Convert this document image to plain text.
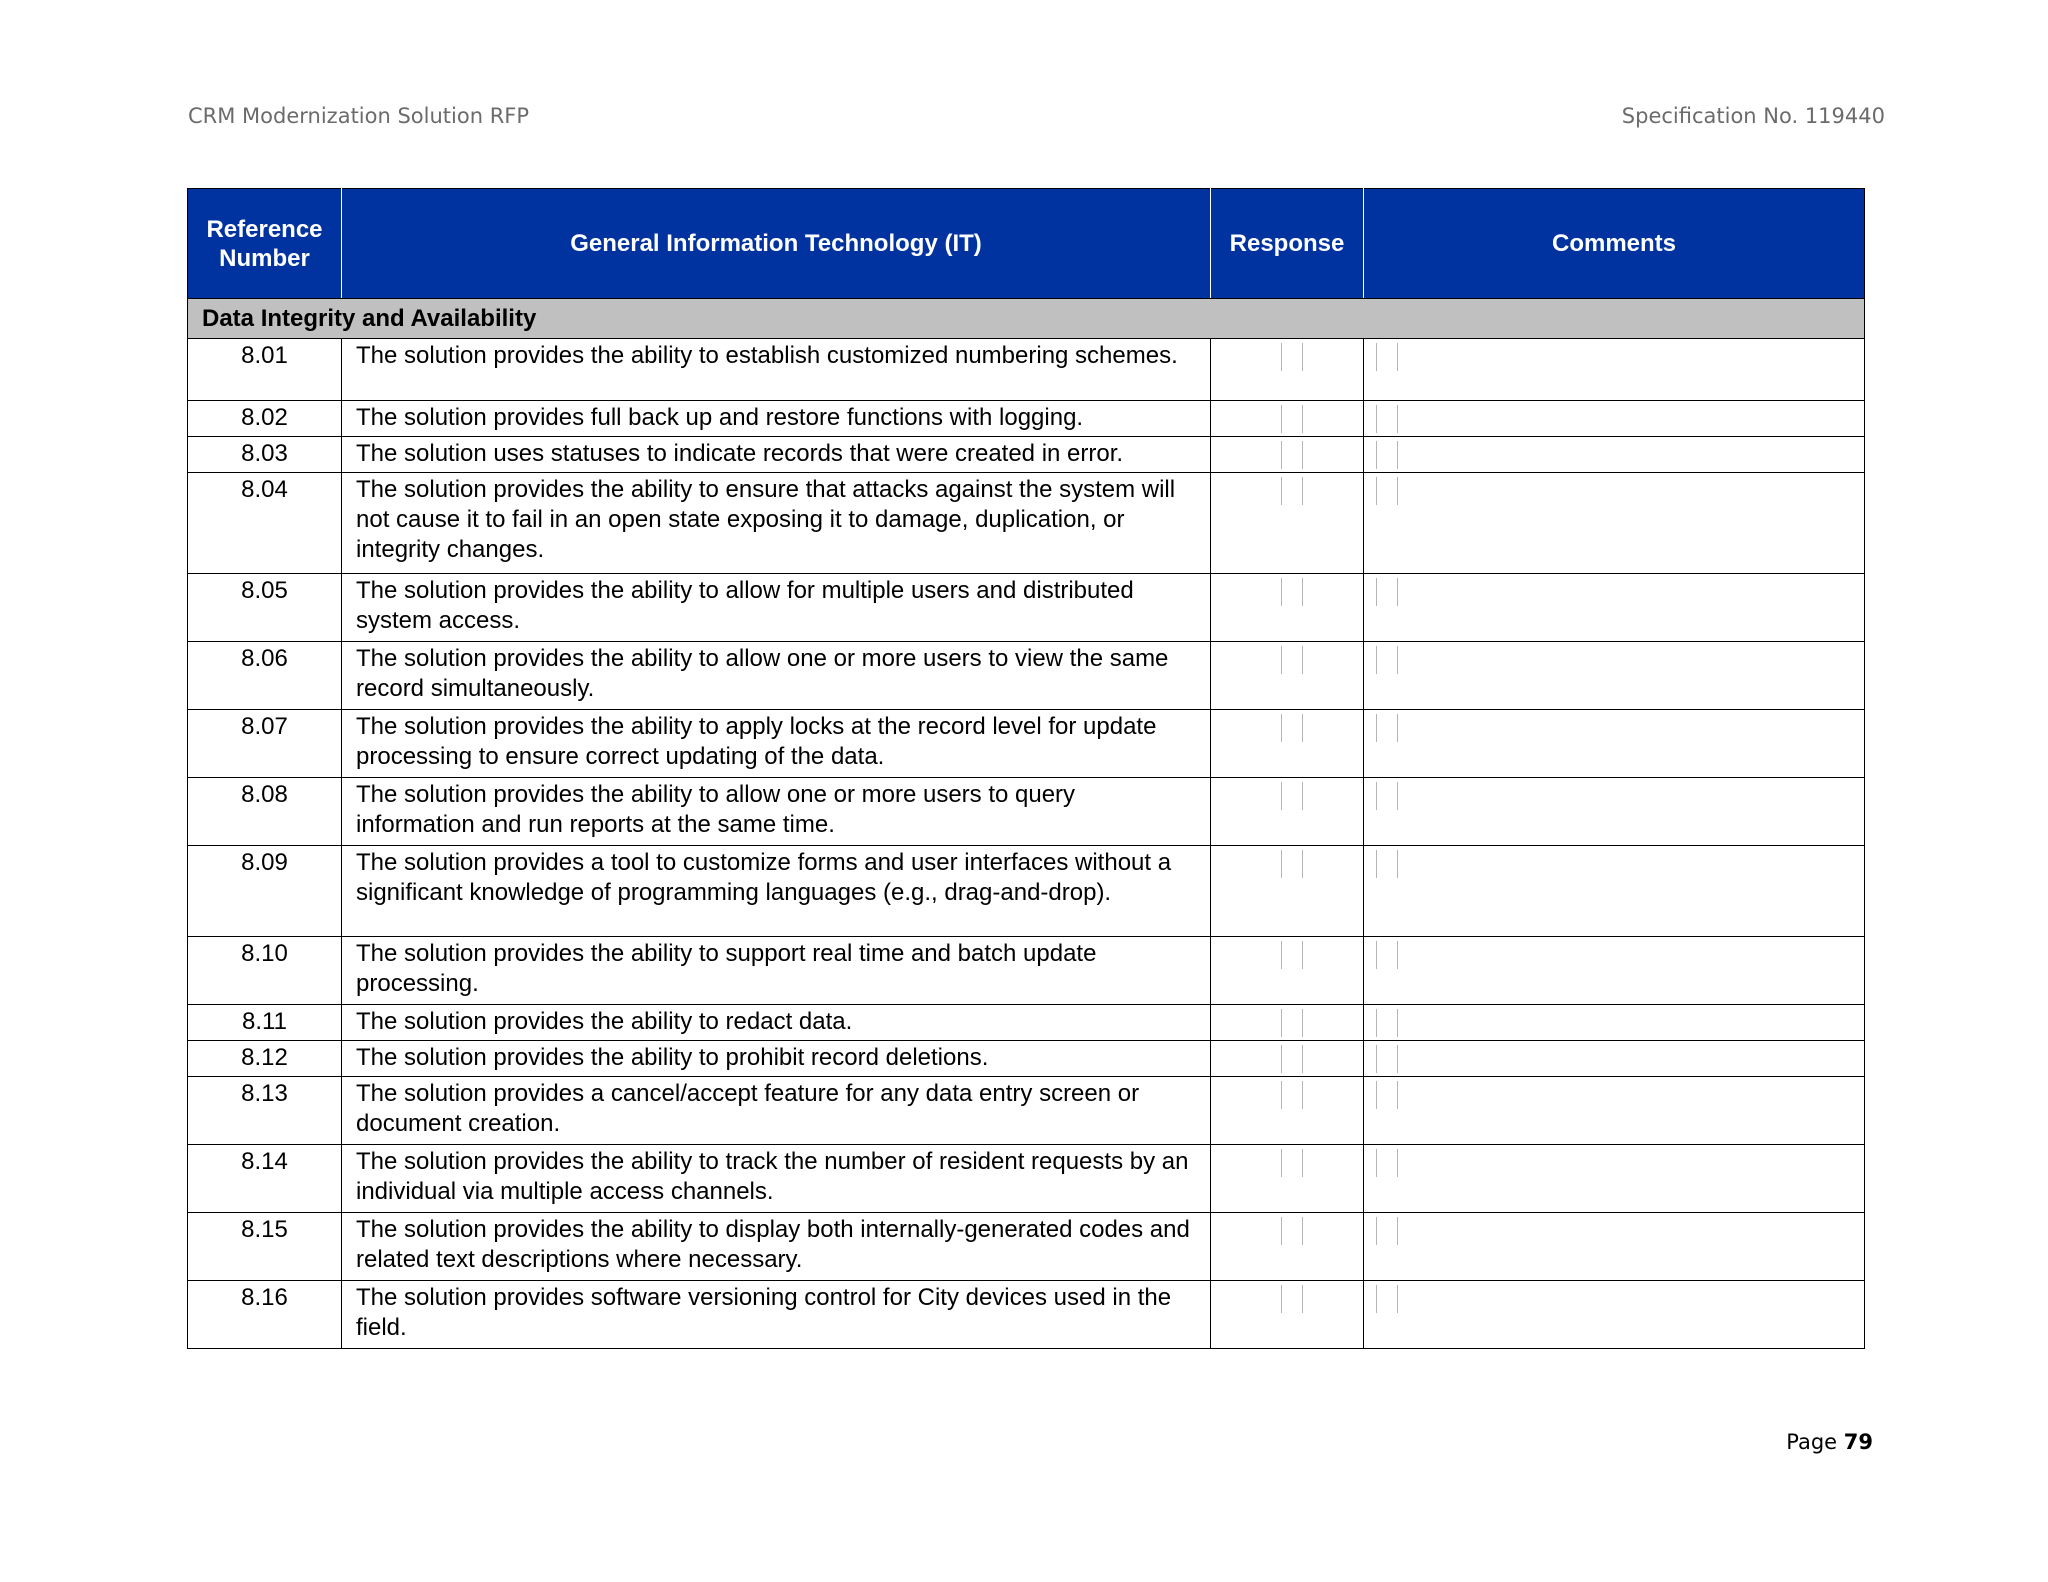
CRM Modernization Solution RFP	Specification No. 119440
Reference Number	General Information Technology (IT)	Response	Comments
Data Integrity and Availability			
8.01	The solution provides the ability to establish customized numbering schemes.	

8.02	The solution provides full back up and restore functions with logging.	

8.03	The solution uses statuses to indicate records that were created in error.	

8.04	The solution provides the ability to ensure that attacks against the system will not cause it to fail in an open state exposing it to damage, duplication, or integrity changes.	

8.05	The solution provides the ability to allow for multiple users and distributed system access.	

8.06	The solution provides the ability to allow one or more users to view the same record simultaneously.	

8.07	The solution provides the ability to apply locks at the record level for update processing to ensure correct updating of the data.	

8.08	The solution provides the ability to allow one or more users to query information and run reports at the same time.	

8.09	The solution provides a tool to customize forms and user interfaces without a significant knowledge of programming languages (e.g., drag-and-drop).	

8.10	The solution provides the ability to support real time and batch update processing.	

8.11	The solution provides the ability to redact data.	

8.12	The solution provides the ability to prohibit record deletions.	

8.13	The solution provides a cancel/accept feature for any data entry screen or document creation.	

8.14	The solution provides the ability to track the number of resident requests by an individual via multiple access channels.	

8.15	The solution provides the ability to display both internally-generated codes and related text descriptions where necessary.	

8.16	The solution provides software versioning control for City devices used in the field.	

Page 79
